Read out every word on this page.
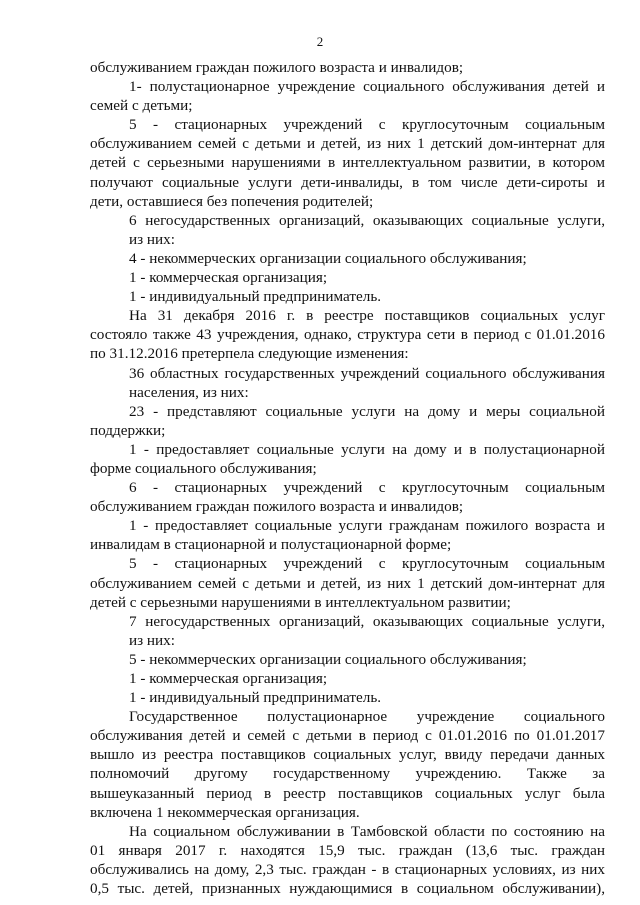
2
обслуживанием граждан пожилого возраста и инвалидов;
1- полустационарное учреждение социального обслуживания детей и
семей с детьми;
5 - стационарных учреждений с круглосуточным социальным
обслуживанием семей с детьми и детей, из них 1 детский дом-интернат для
детей с серьезными нарушениями в интеллектуальном развитии, в котором
получают социальные услуги дети-инвалиды, в том числе дети-сироты и
дети, оставшиеся без попечения родителей;
6 негосударственных организаций, оказывающих социальные услуги,
из них:
4 - некоммерческих организации социального обслуживания;
1 - коммерческая организация;
1 - индивидуальный предприниматель.
На 31 декабря 2016 г. в реестре поставщиков социальных услуг
состояло также 43 учреждения, однако, структура сети в период с 01.01.2016
по 31.12.2016 претерпела следующие изменения:
36 областных государственных учреждений социального обслуживания
населения, из них:
23 - представляют социальные услуги на дому и меры социальной
поддержки;
1 - предоставляет социальные услуги на дому и в полустационарной
форме социального обслуживания;
6 - стационарных учреждений с круглосуточным социальным
обслуживанием граждан пожилого возраста и инвалидов;
1 - предоставляет социальные услуги гражданам пожилого возраста и
инвалидам в стационарной и полустационарной форме;
5 - стационарных учреждений с круглосуточным социальным
обслуживанием семей с детьми и детей, из них 1 детский дом-интернат для
детей с серьезными нарушениями в интеллектуальном развитии;
7 негосударственных организаций, оказывающих социальные услуги,
из них:
5 - некоммерческих организации социального обслуживания;
1 - коммерческая организация;
1 - индивидуальный предприниматель.
Государственное полустационарное учреждение социального
обслуживания детей и семей с детьми в период с 01.01.2016 по 01.01.2017
вышло из реестра поставщиков социальных услуг, ввиду передачи данных
полномочий другому государственному учреждению. Также за
вышеуказанный период в реестр поставщиков социальных услуг была
включена 1 некоммерческая организация.
На социальном обслуживании в Тамбовской области по состоянию на
01 января 2017 г. находятся 15,9 тыс. граждан (13,6 тыс. граждан
обслуживались на дому, 2,3 тыс. граждан - в стационарных условиях, из них
0,5 тыс. детей, признанных нуждающимися в социальном обслуживании),
